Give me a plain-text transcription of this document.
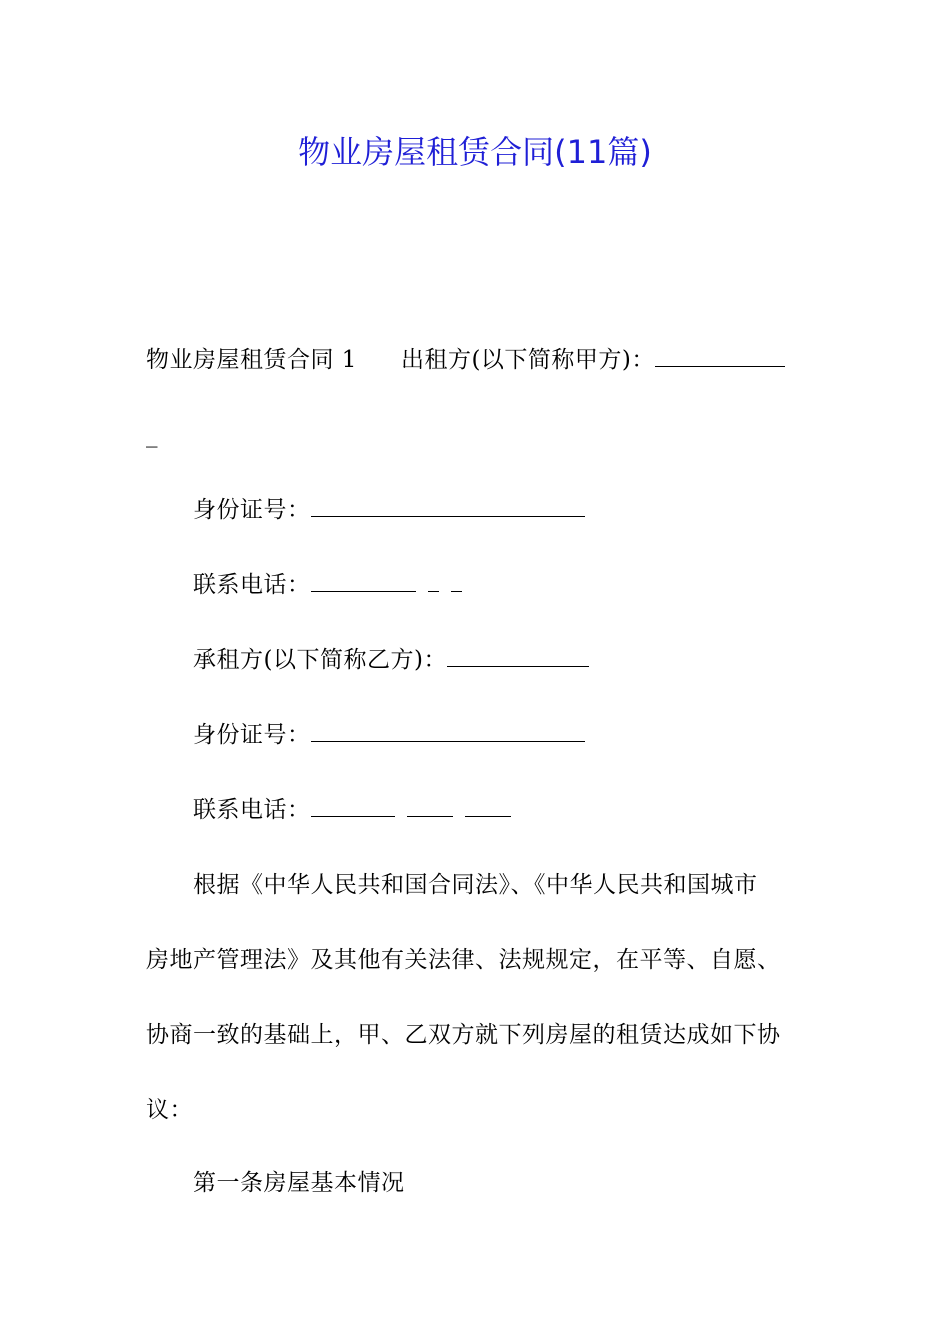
物业房屋租赁合同(11篇)
物业房屋租赁合同 1 出租方(以下简称甲方)：
_
身份证号：
联系电话：
承租方(以下简称乙方)：
身份证号：
联系电话：
根据《中华人民共和国合同法》、《中华人民共和国城市
房地产管理法》及其他有关法律、法规规定，在平等、自愿、
协商一致的基础上，甲、乙双方就下列房屋的租赁达成如下协
议：
第一条房屋基本情况
